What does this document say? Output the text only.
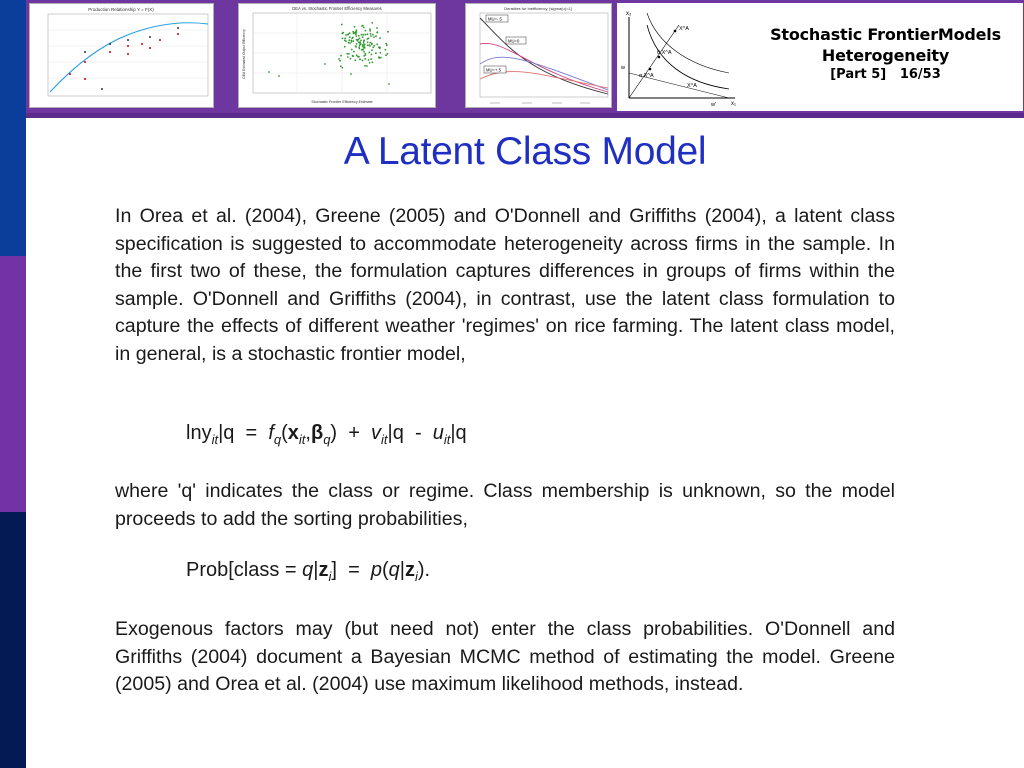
Production Relationship Y = F(X)	DEA vs. Stochastic Frontier Efficiency Measures
Stochastic Frontier Efficiency Estimate
DEA Estimated Output Efficiency
Densities for Inefficiency, [sigma(u)=1]
MU=-.5
MU=0
MU=+.5
x₂
x₁
X^A
θ X^A
w
α X^A
X^A
w'
Stochastic FrontierModels
Heterogeneity
[Part 5]   16/53
A Latent Class Model

In Orea et al. (2004), Greene (2005) and O'Donnell and Griffiths (2004), a latent class specification is suggested to accommodate heterogeneity across firms in the sample. In the first two of these, the formulation captures differences in groups of firms within the sample. O'Donnell and Griffiths (2004), in contrast, use the latent class formulation to capture the effects of different weather 'regimes' on rice farming. The latent class model, in general, is a stochastic frontier model,

$\ln y_{it}|q = f_q(x_{it},\beta_q) + v_{it}|q - u_{it}|q$

where 'q' indicates the class or regime. Class membership is unknown, so the model proceeds to add the sorting probabilities,

Prob[class = $q|z_i] = p(q|z_i)$.

Exogenous factors may (but need not) enter the class probabilities. O'Donnell and Griffiths (2004) document a Bayesian MCMC method of estimating the model. Greene (2005) and Orea et al. (2004) use maximum likelihood methods, instead.
